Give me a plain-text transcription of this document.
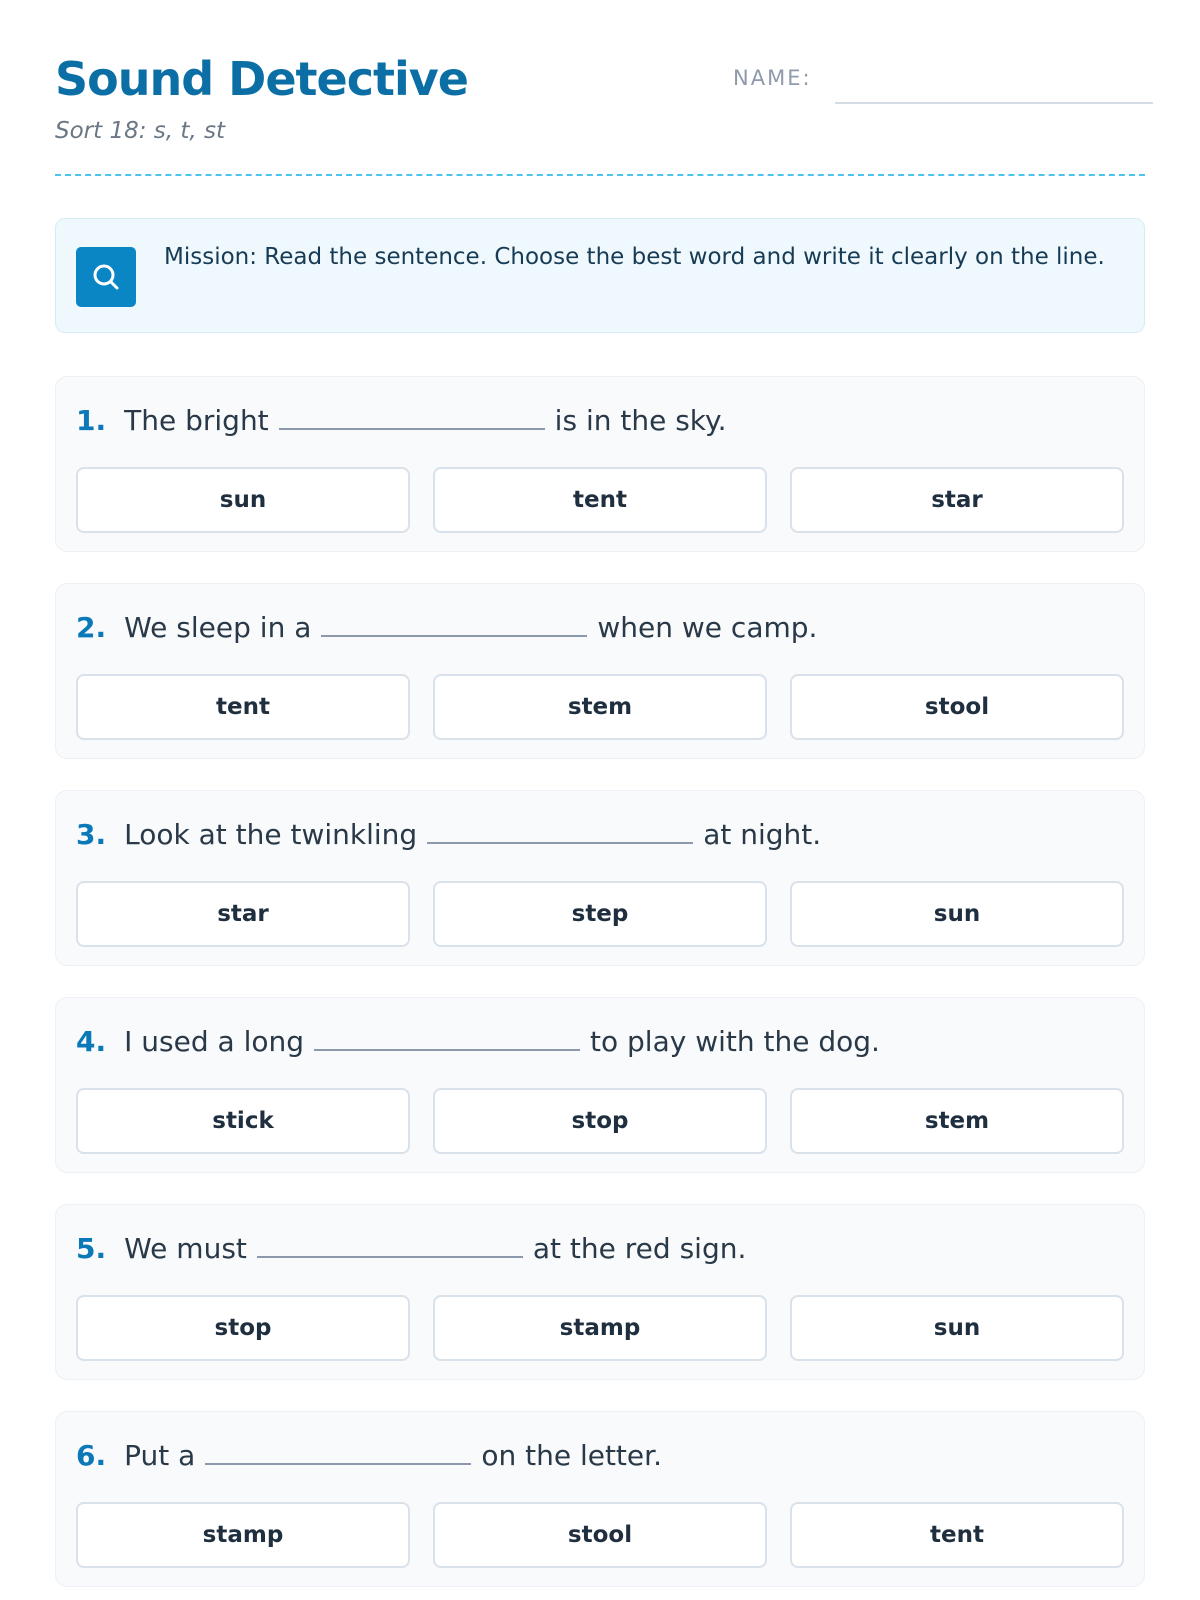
Sound Detective
Sort 18: s, t, st
NAME:
Mission: Read the sentence. Choose the best word and write it clearly on the line.
1. The bright	is in the sky.
sun	tent	star
2. We sleep in a	when we camp.
tent	stem	stool
3. Look at the twinkling	at night.
star	step	sun
4. I used a long	to play with the dog.
stick	stop	stem
5. We must	at the red sign.
stop	stamp	sun
6. Put a	on the letter.
stamp	stool	tent
